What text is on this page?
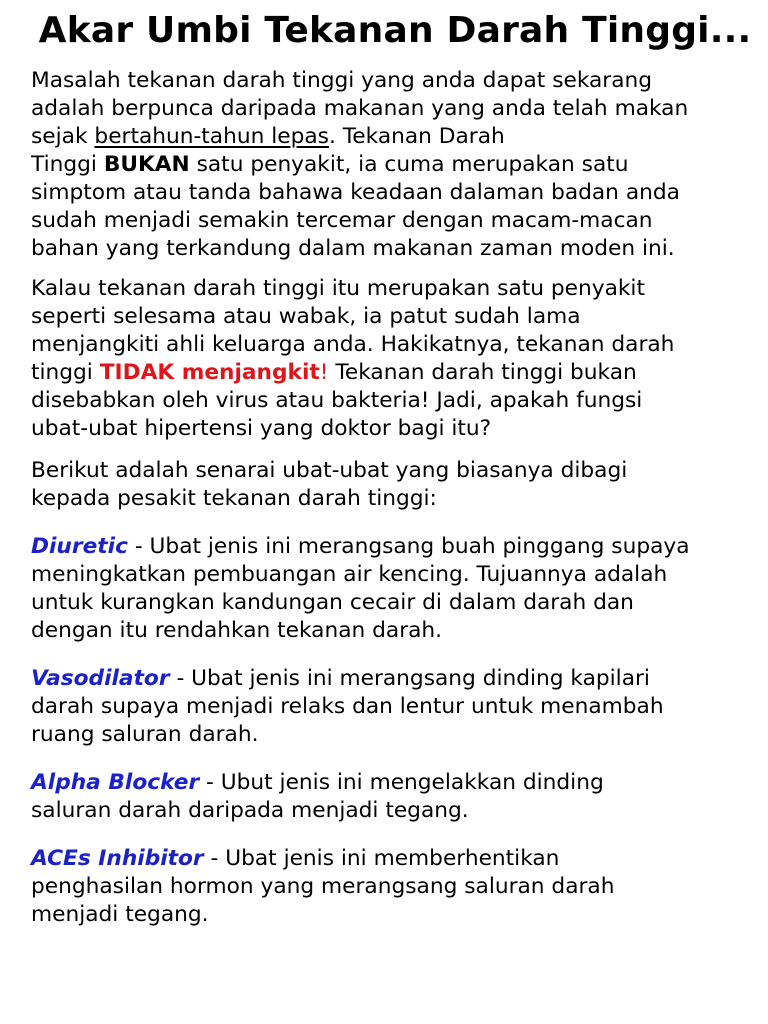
Akar Umbi Tekanan Darah Tinggi...
Masalah tekanan darah tinggi yang anda dapat sekarang
adalah berpunca daripada makanan yang anda telah makan
sejak bertahun-tahun lepas. Tekanan Darah
Tinggi BUKAN satu penyakit, ia cuma merupakan satu
simptom atau tanda bahawa keadaan dalaman badan anda
sudah menjadi semakin tercemar dengan macam-macan
bahan yang terkandung dalam makanan zaman moden ini.
Kalau tekanan darah tinggi itu merupakan satu penyakit
seperti selesama atau wabak, ia patut sudah lama
menjangkiti ahli keluarga anda. Hakikatnya, tekanan darah
tinggi TIDAK menjangkit! Tekanan darah tinggi bukan
disebabkan oleh virus atau bakteria! Jadi, apakah fungsi
ubat-ubat hipertensi yang doktor bagi itu?
Berikut adalah senarai ubat-ubat yang biasanya dibagi
kepada pesakit tekanan darah tinggi:
Diuretic - Ubat jenis ini merangsang buah pinggang supaya
meningkatkan pembuangan air kencing. Tujuannya adalah
untuk kurangkan kandungan cecair di dalam darah dan
dengan itu rendahkan tekanan darah.
Vasodilator - Ubat jenis ini merangsang dinding kapilari
darah supaya menjadi relaks dan lentur untuk menambah
ruang saluran darah.
Alpha Blocker - Ubut jenis ini mengelakkan dinding
saluran darah daripada menjadi tegang.
ACEs Inhibitor - Ubat jenis ini memberhentikan
penghasilan hormon yang merangsang saluran darah
menjadi tegang.
